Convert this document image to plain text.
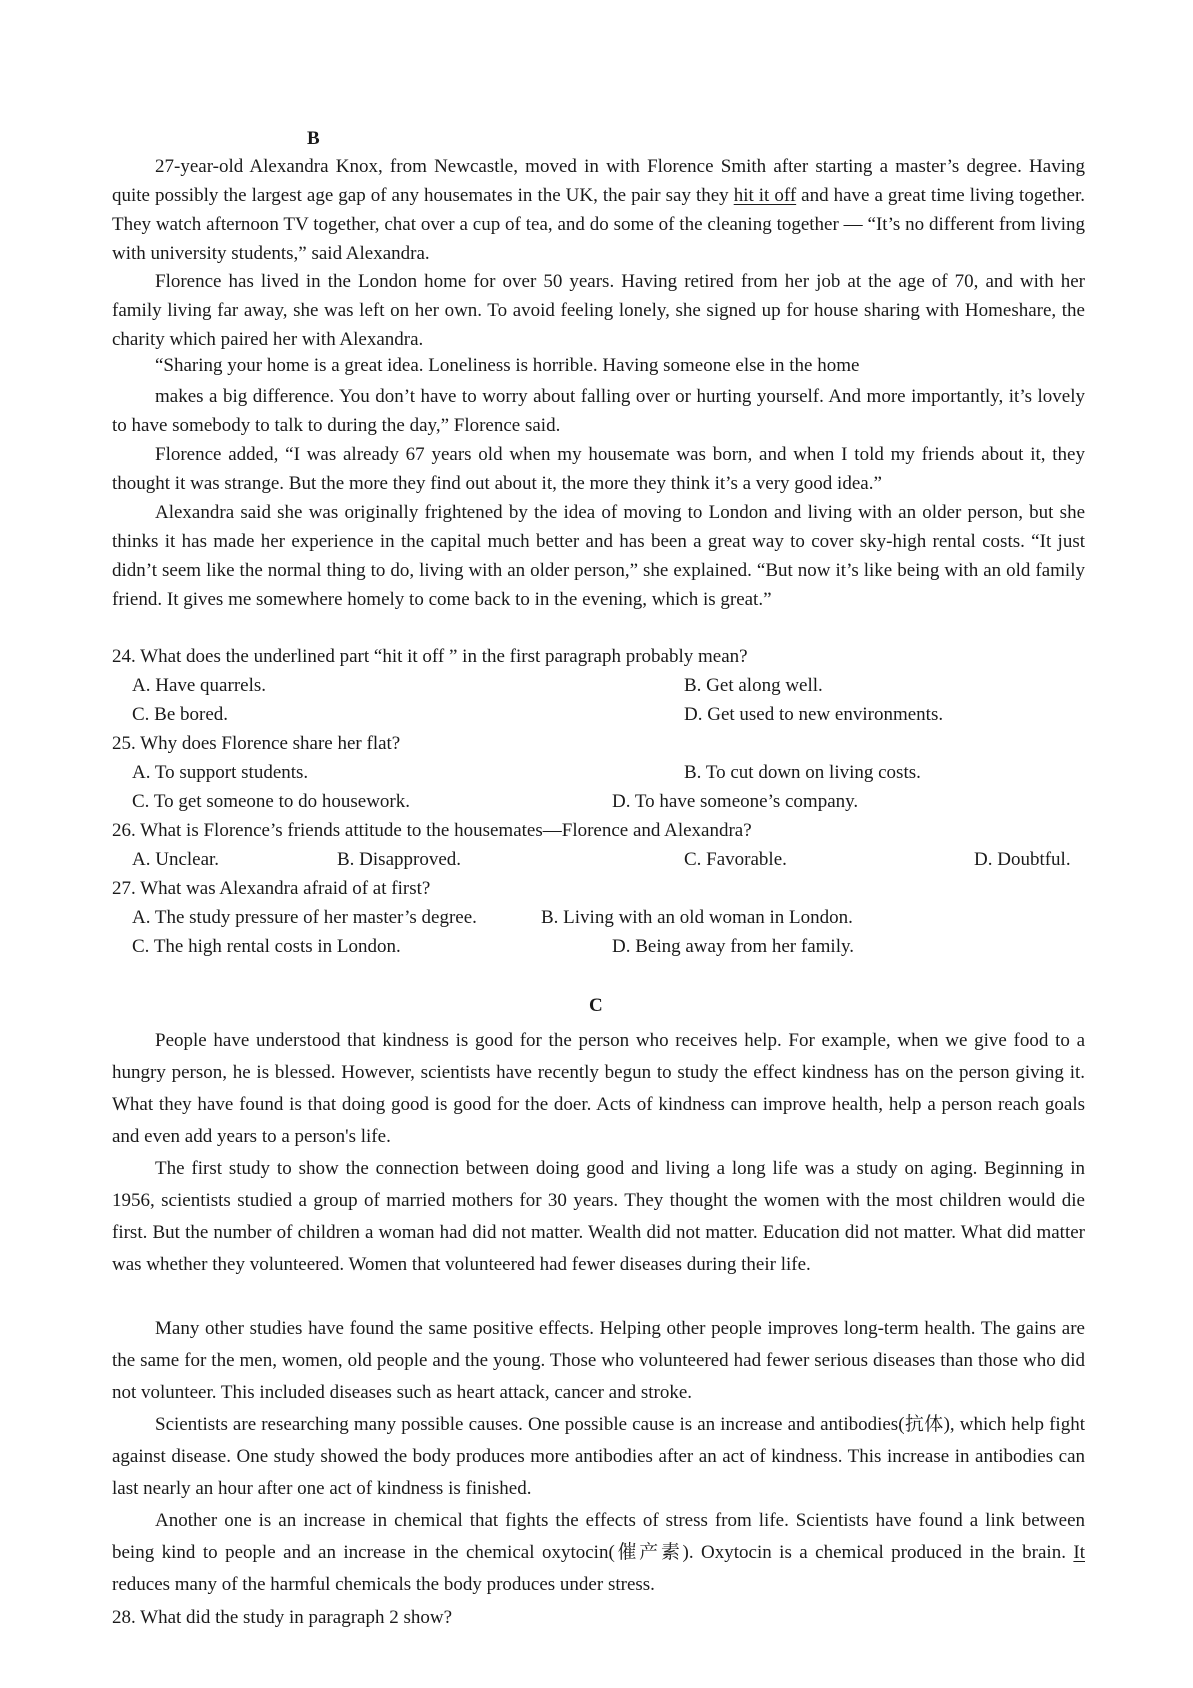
B

27-year-old Alexandra Knox, from Newcastle, moved in with Florence Smith after starting a master’s degree. Having quite possibly the largest age gap of any housemates in the UK, the pair say they hit it off and have a great time living together. They watch afternoon TV together, chat over a cup of tea, and do some of the cleaning together — “It’s no different from living with university students,” said Alexandra.

Florence has lived in the London home for over 50 years. Having retired from her job at the age of 70, and with her family living far away, she was left on her own. To avoid feeling lonely, she signed up for house sharing with Homeshare, the charity which paired her with Alexandra.

“Sharing your home is a great idea. Loneliness is horrible. Having someone else in the home

makes a big difference. You don’t have to worry about falling over or hurting yourself. And more importantly, it’s lovely to have somebody to talk to during the day,” Florence said.

Florence added, “I was already 67 years old when my housemate was born, and when I told my friends about it, they thought it was strange. But the more they find out about it, the more they think it’s a very good idea.”

Alexandra said she was originally frightened by the idea of moving to London and living with an older person, but she thinks it has made her experience in the capital much better and has been a great way to cover sky-high rental costs. “It just didn’t seem like the normal thing to do, living with an older person,” she explained. “But now it’s like being with an old family friend. It gives me somewhere homely to come back to in the evening, which is great.”

24. What does the underlined part “hit it off ” in the first paragraph probably mean?
A. Have quarrels.	B. Get along well.
C. Be bored.	D. Get used to new environments.
25. Why does Florence share her flat?
A. To support students.	B. To cut down on living costs.
C. To get someone to do housework.	D. To have someone’s company.
26. What is Florence’s friends attitude to the housemates—Florence and Alexandra?
A. Unclear.	B. Disapproved.	C. Favorable.	D. Doubtful.
27. What was Alexandra afraid of at first?
A. The study pressure of her master’s degree.	B. Living with an old woman in London.
C. The high rental costs in London.	D. Being away from her family.
C

People have understood that kindness is good for the person who receives help. For example, when we give food to a hungry person, he is blessed. However, scientists have recently begun to study the effect kindness has on the person giving it. What they have found is that doing good is good for the doer. Acts of kindness can improve health, help a person reach goals and even add years to a person's life.

The first study to show the connection between doing good and living a long life was a study on aging. Beginning in 1956, scientists studied a group of married mothers for 30 years. They thought the women with the most children would die first. But the number of children a woman had did not matter. Wealth did not matter. Education did not matter. What did matter was whether they volunteered. Women that volunteered had fewer diseases during their life.

Many other studies have found the same positive effects. Helping other people improves long-term health. The gains are the same for the men, women, old people and the young. Those who volunteered had fewer serious diseases than those who did not volunteer. This included diseases such as heart attack, cancer and stroke.

Scientists are researching many possible causes. One possible cause is an increase and antibodies(抗体), which help fight against disease. One study showed the body produces more antibodies after an act of kindness. This increase in antibodies can last nearly an hour after one act of kindness is finished.

Another one is an increase in chemical that fights the effects of stress from life. Scientists have found a link between being kind to people and an increase in the chemical oxytocin(催产素). Oxytocin is a chemical produced in the brain. It reduces many of the harmful chemicals the body produces under stress.

28. What did the study in paragraph 2 show?
